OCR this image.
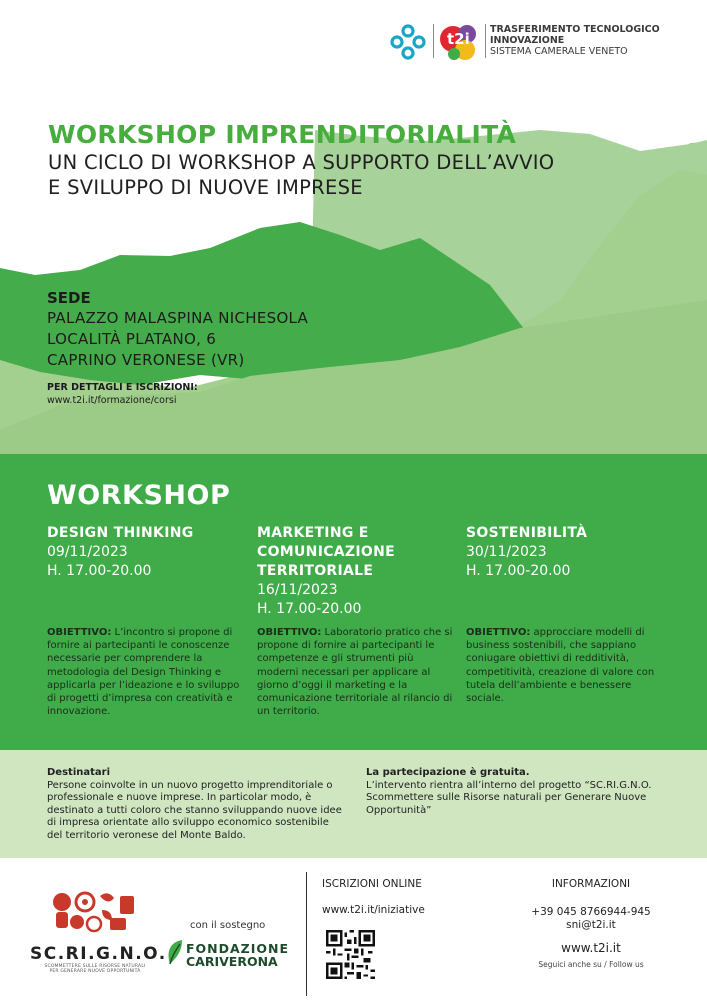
t2i
TRASFERIMENTO TECNOLOGICO
INNOVAZIONE
SISTEMA CAMERALE VENETO
WORKSHOP IMPRENDITORIALITÀ
UN CICLO DI WORKSHOP A SUPPORTO DELL’AVVIO
E SVILUPPO DI NUOVE IMPRESE
SEDE
PALAZZO MALASPINA NICHESOLA
LOCALITÀ PLATANO, 6
CAPRINO VERONESE (VR)
PER DETTAGLI E ISCRIZIONI:
www.t2i.it/formazione/corsi
WORKSHOP
DESIGN THINKING
09/11/2023
H. 17.00-20.00
OBIETTIVO: L’incontro si propone di fornire ai partecipanti le conoscenze necessarie per comprendere la metodologia del Design Thinking e applicarla per l’ideazione e lo sviluppo di progetti d’impresa con creatività e innovazione.
MARKETING E COMUNICAZIONE TERRITORIALE
16/11/2023
H. 17.00-20.00
OBIETTIVO: Laboratorio pratico che si propone di fornire ai partecipanti le competenze e gli strumenti più moderni necessari per applicare al giorno d’oggi il marketing e la comunicazione territoriale al rilancio di un territorio.
SOSTENIBILITÀ
30/11/2023
H. 17.00-20.00
OBIETTIVO: approcciare modelli di business sostenibili, che sappiano coniugare obiettivi di redditività, competitività, creazione di valore con tutela dell’ambiente e benessere sociale.
Destinatari
Persone coinvolte in un nuovo progetto imprenditoriale o professionale e nuove imprese. In particolar modo, è destinato a tutti coloro che stanno sviluppando nuove idee di impresa orientate allo sviluppo economico sostenibile del territorio veronese del Monte Baldo.
La partecipazione è gratuita.
L’intervento rientra all’interno del progetto “SC.RI.G.N.O. Scommettere sulle Risorse naturali per Generare Nuove Opportunità”
SC.RI.G.N.O.
SCOMMETTERE SULLE RISORSE NATURALI
PER GENERARE NUOVE OPPORTUNITÀ
con il sostegno
FONDAZIONE
CARIVERONA
ISCRIZIONI ONLINE
www.t2i.it/iniziative
INFORMAZIONI
+39 045 8766944-945
sni@t2i.it
www.t2i.it
Seguici anche su / Follow us
